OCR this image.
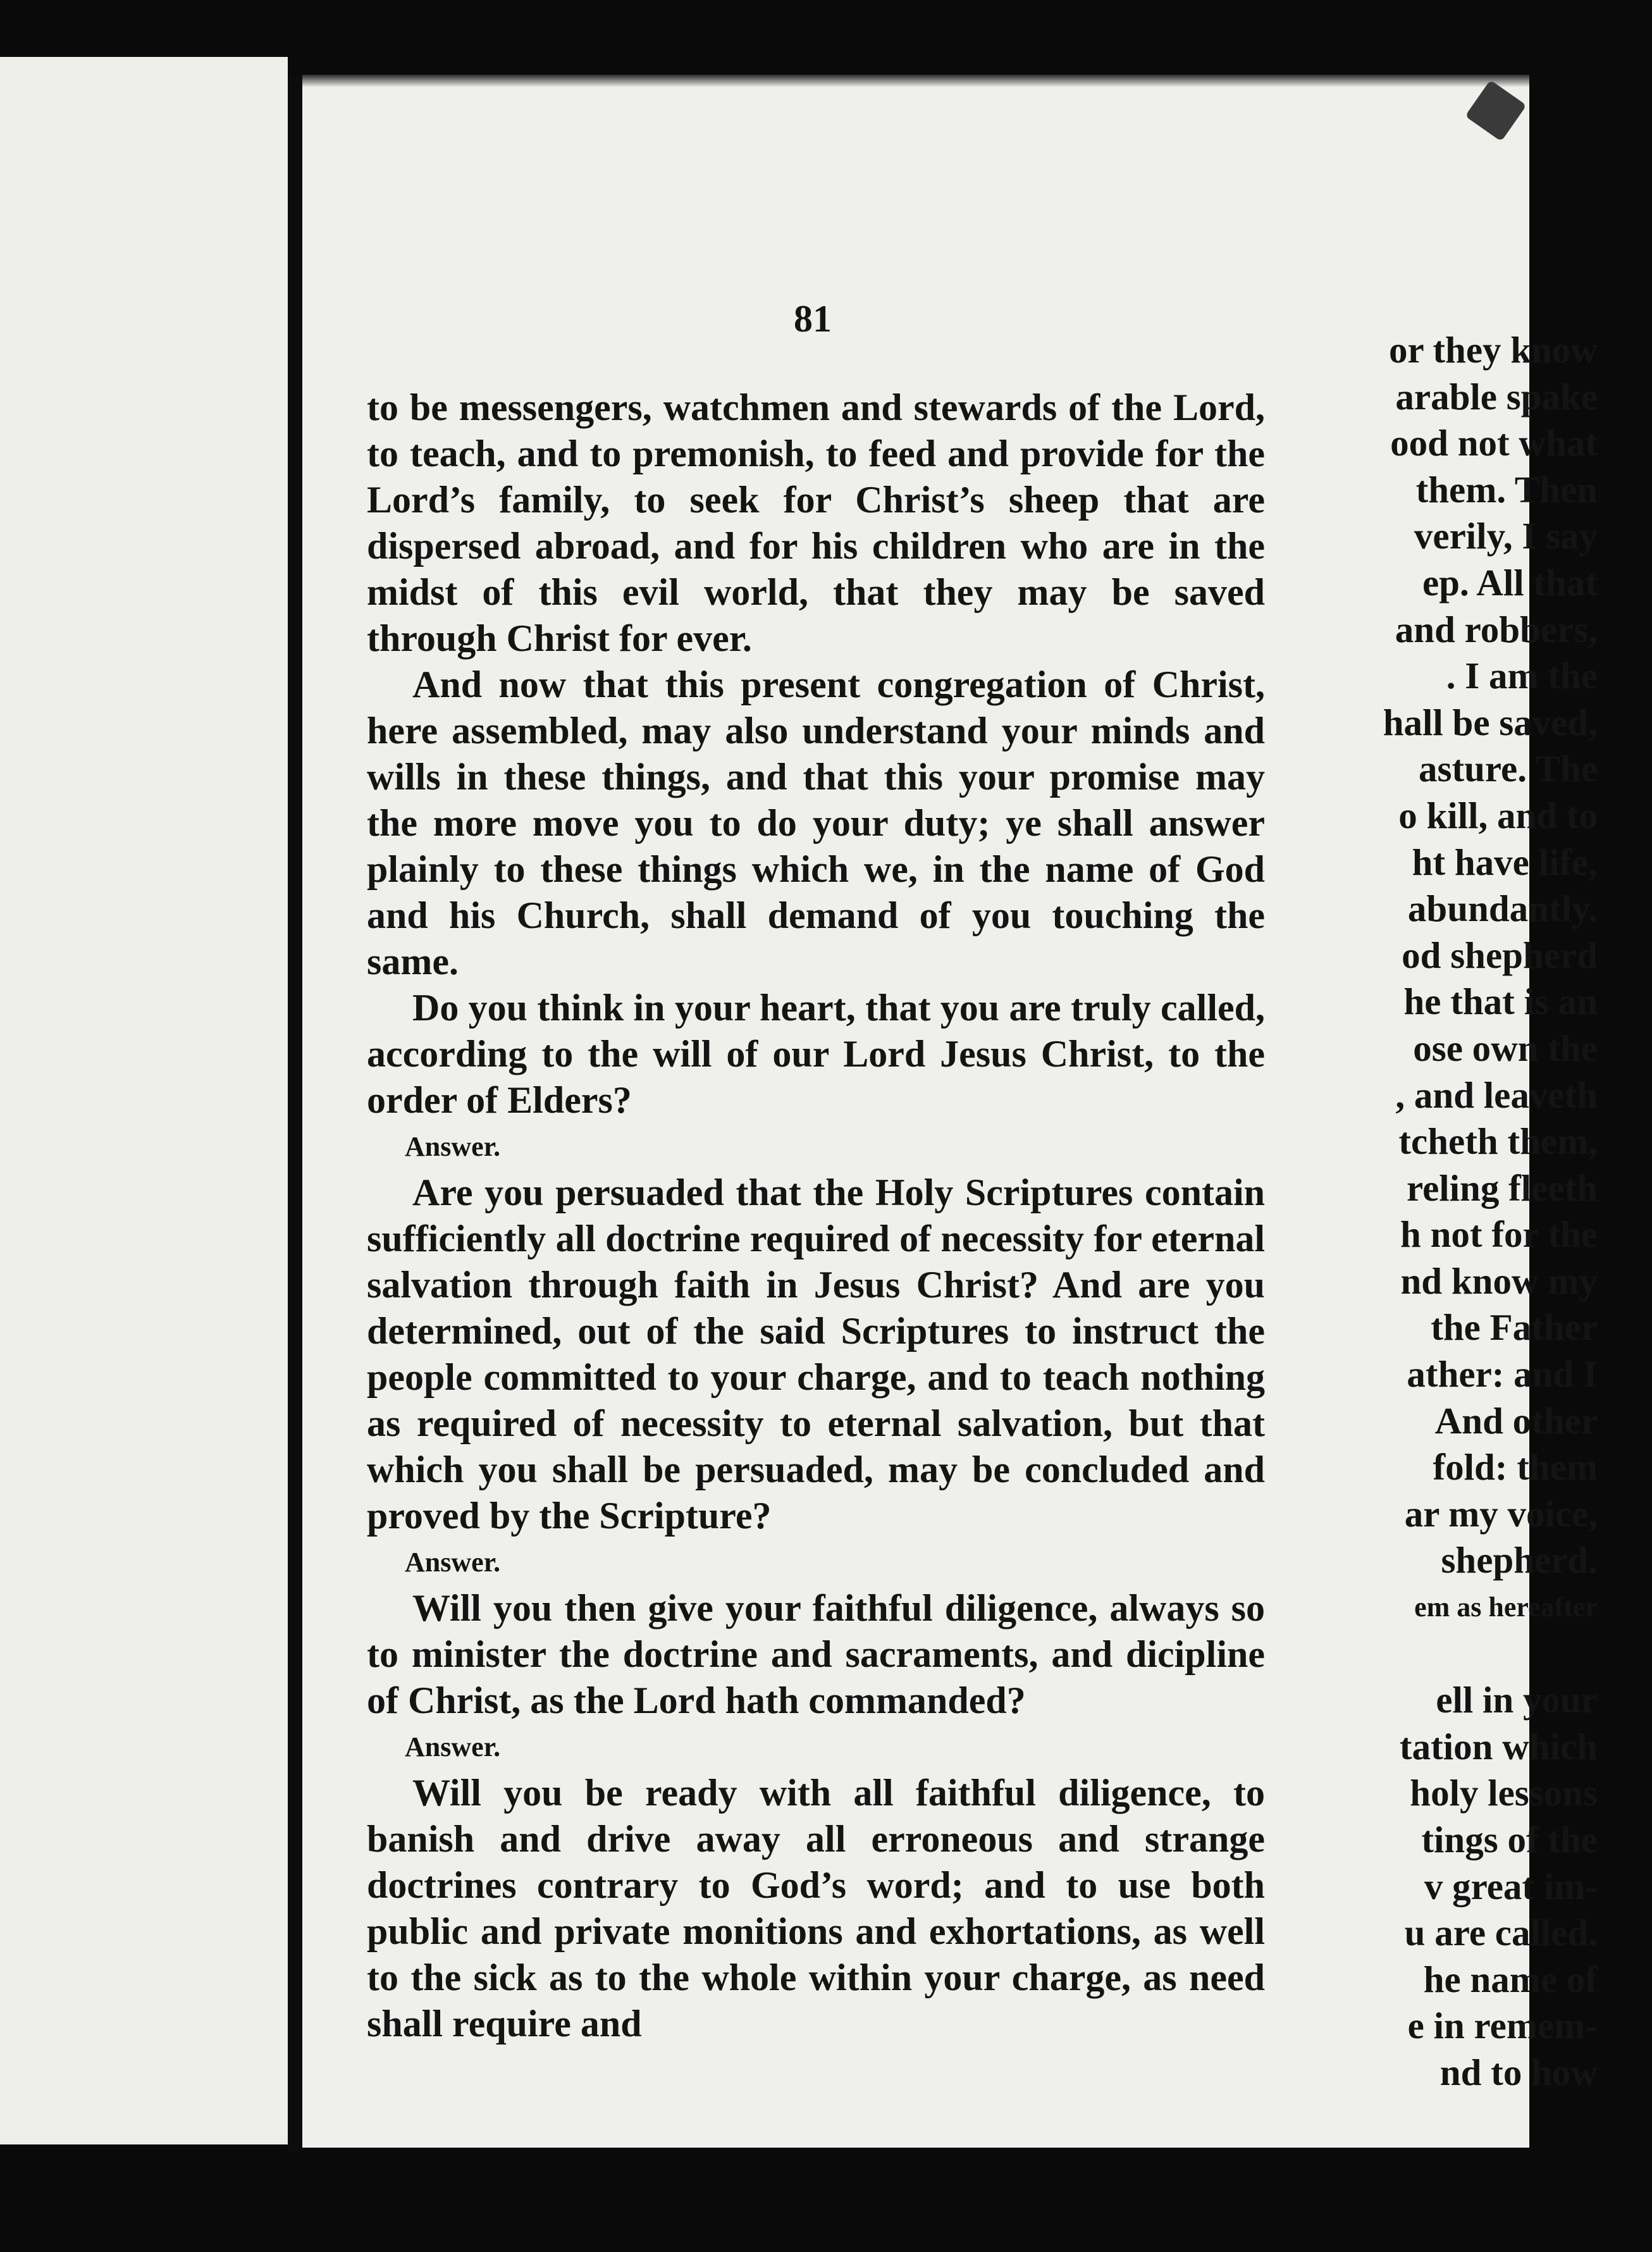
or they know
arable spake
ood not what
them. Then
verily, I say
ep. All that
and robbers,
. I am the
hall be saved,
asture. The
o kill, and to
ht have life,
abundantly.
od shepherd
he that is an
ose own the
, and leaveth
tcheth them,
reling fleeth
h not for the
nd know my
the Father
ather: and I
And other
fold: them
ar my voice,
shepherd.
em as hereafter
ell in your
tation which
holy lessons
tings of the
v great im-
u are called.
he name of
e in remem-
nd to how
81

to be messengers, watchmen and stewards of the Lord, to teach, and to premonish, to feed and provide for the Lord’s family, to seek for Christ’s sheep that are dispersed abroad, and for his children who are in the midst of this evil world, that they may be saved through Christ for ever.

And now that this present congregation of Christ, here assembled, may also understand your minds and wills in these things, and that this your promise may the more move you to do your duty; ye shall answer plainly to these things which we, in the name of God and his Church, shall demand of you touching the same.

Do you think in your heart, that you are truly called, according to the will of our Lord Jesus Christ, to the order of Elders?

Answer.

Are you persuaded that the Holy Scriptures contain sufficiently all doctrine required of necessity for eternal salvation through faith in Jesus Christ? And are you determined, out of the said Scriptures to instruct the people committed to your charge, and to teach nothing as required of necessity to eternal salvation, but that which you shall be persuaded, may be concluded and proved by the Scripture?

Answer.

Will you then give your faithful diligence, always so to minister the doctrine and sacraments, and dicipline of Christ, as the Lord hath commanded?

Answer.

Will you be ready with all faithful diligence, to banish and drive away all erroneous and strange doctrines contrary to God’s word; and to use both public and private monitions and exhortations, as well to the sick as to the whole within your charge, as need shall require and
